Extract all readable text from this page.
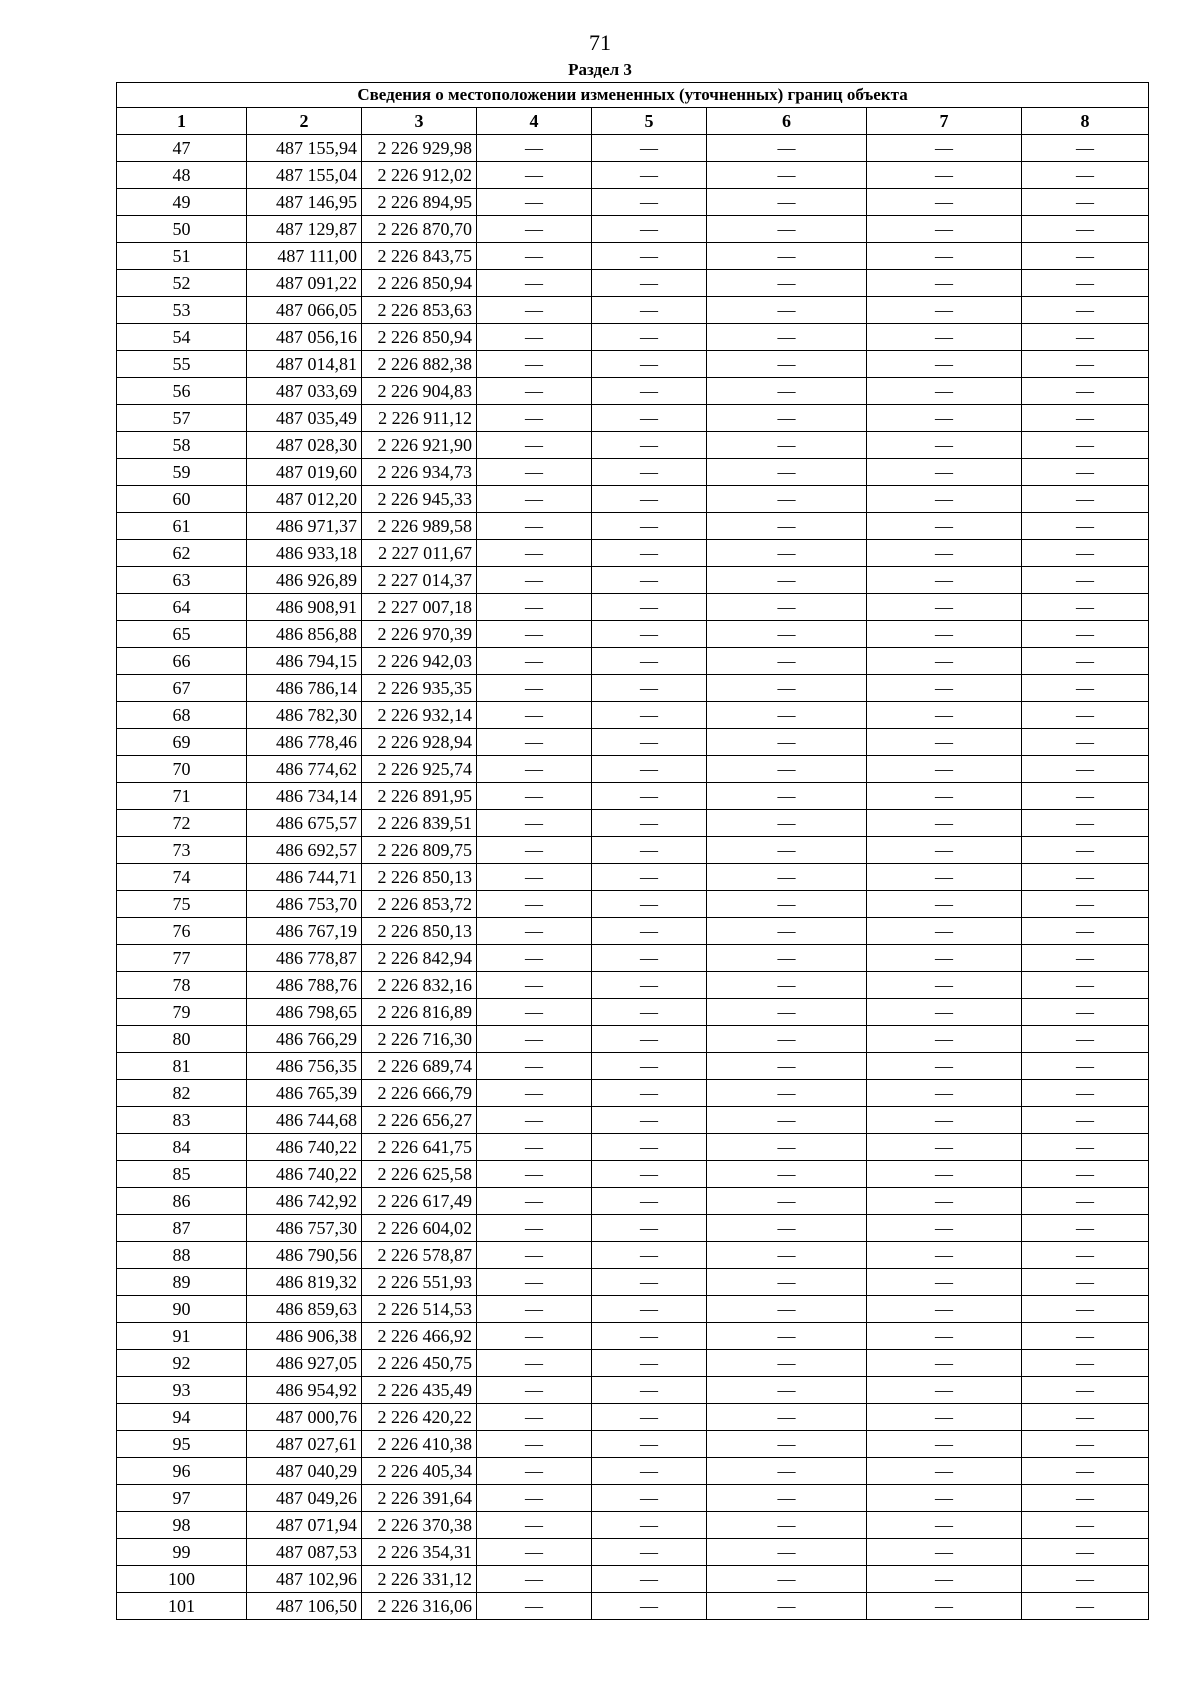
71
Раздел 3
Сведения о местоположении измененных (уточненных) границ объекта							
1	2	3	4	5	6	7	8
47	487 155,94	2 226 929,98	—	—	—	—	—
48	487 155,04	2 226 912,02	—	—	—	—	—
49	487 146,95	2 226 894,95	—	—	—	—	—
50	487 129,87	2 226 870,70	—	—	—	—	—
51	487 111,00	2 226 843,75	—	—	—	—	—
52	487 091,22	2 226 850,94	—	—	—	—	—
53	487 066,05	2 226 853,63	—	—	—	—	—
54	487 056,16	2 226 850,94	—	—	—	—	—
55	487 014,81	2 226 882,38	—	—	—	—	—
56	487 033,69	2 226 904,83	—	—	—	—	—
57	487 035,49	2 226 911,12	—	—	—	—	—
58	487 028,30	2 226 921,90	—	—	—	—	—
59	487 019,60	2 226 934,73	—	—	—	—	—
60	487 012,20	2 226 945,33	—	—	—	—	—
61	486 971,37	2 226 989,58	—	—	—	—	—
62	486 933,18	2 227 011,67	—	—	—	—	—
63	486 926,89	2 227 014,37	—	—	—	—	—
64	486 908,91	2 227 007,18	—	—	—	—	—
65	486 856,88	2 226 970,39	—	—	—	—	—
66	486 794,15	2 226 942,03	—	—	—	—	—
67	486 786,14	2 226 935,35	—	—	—	—	—
68	486 782,30	2 226 932,14	—	—	—	—	—
69	486 778,46	2 226 928,94	—	—	—	—	—
70	486 774,62	2 226 925,74	—	—	—	—	—
71	486 734,14	2 226 891,95	—	—	—	—	—
72	486 675,57	2 226 839,51	—	—	—	—	—
73	486 692,57	2 226 809,75	—	—	—	—	—
74	486 744,71	2 226 850,13	—	—	—	—	—
75	486 753,70	2 226 853,72	—	—	—	—	—
76	486 767,19	2 226 850,13	—	—	—	—	—
77	486 778,87	2 226 842,94	—	—	—	—	—
78	486 788,76	2 226 832,16	—	—	—	—	—
79	486 798,65	2 226 816,89	—	—	—	—	—
80	486 766,29	2 226 716,30	—	—	—	—	—
81	486 756,35	2 226 689,74	—	—	—	—	—
82	486 765,39	2 226 666,79	—	—	—	—	—
83	486 744,68	2 226 656,27	—	—	—	—	—
84	486 740,22	2 226 641,75	—	—	—	—	—
85	486 740,22	2 226 625,58	—	—	—	—	—
86	486 742,92	2 226 617,49	—	—	—	—	—
87	486 757,30	2 226 604,02	—	—	—	—	—
88	486 790,56	2 226 578,87	—	—	—	—	—
89	486 819,32	2 226 551,93	—	—	—	—	—
90	486 859,63	2 226 514,53	—	—	—	—	—
91	486 906,38	2 226 466,92	—	—	—	—	—
92	486 927,05	2 226 450,75	—	—	—	—	—
93	486 954,92	2 226 435,49	—	—	—	—	—
94	487 000,76	2 226 420,22	—	—	—	—	—
95	487 027,61	2 226 410,38	—	—	—	—	—
96	487 040,29	2 226 405,34	—	—	—	—	—
97	487 049,26	2 226 391,64	—	—	—	—	—
98	487 071,94	2 226 370,38	—	—	—	—	—
99	487 087,53	2 226 354,31	—	—	—	—	—
100	487 102,96	2 226 331,12	—	—	—	—	—
101	487 106,50	2 226 316,06	—	—	—	—	—
